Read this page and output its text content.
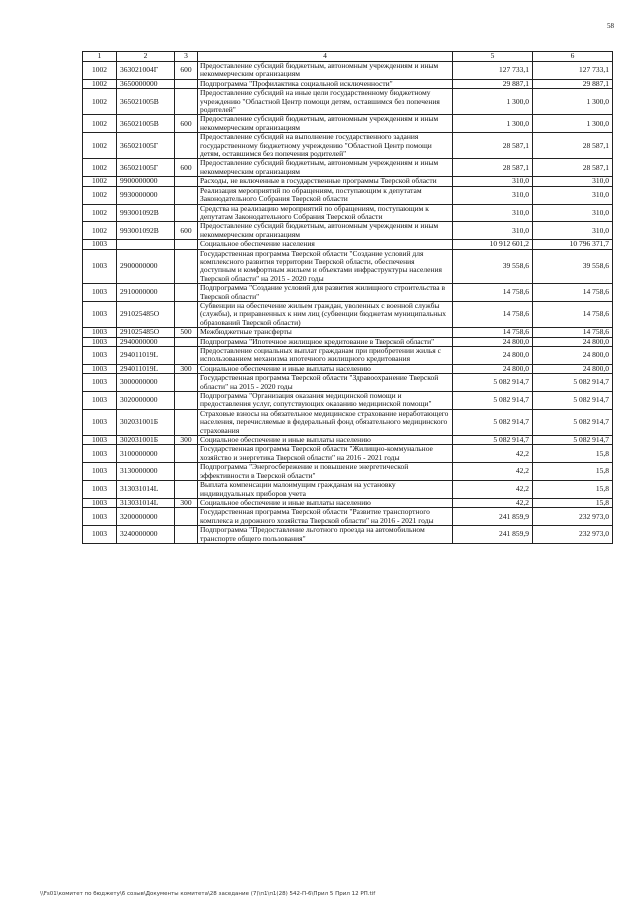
58
1	2	3	4	5	6
1002	363021004Г	600	Предоставление субсидий бюджетным, автономным учреждениям и иным некоммерческим организациям	127 733,1	127 733,1
1002	3650000000		Подпрограмма "Профилактика социальной исключенности"	29 887,1	29 887,1
1002	365021005В		Предоставление субсидий на иные цели государственному бюджетному учреждению "Областной Центр помощи детям, оставшимся без попечения родителей"	1 300,0	1 300,0
1002	365021005В	600	Предоставление субсидий бюджетным, автономным учреждениям и иным некоммерческим организациям	1 300,0	1 300,0
1002	365021005Г		Предоставление субсидий на выполнение государственного задания государственному бюджетному учреждению "Областной Центр помощи детям, оставшимся без попечения родителей"	28 587,1	28 587,1
1002	365021005Г	600	Предоставление субсидий бюджетным, автономным учреждениям и иным некоммерческим организациям	28 587,1	28 587,1
1002	9900000000		Расходы, не включенные в государственные программы Тверской области	310,0	310,0
1002	9930000000		Реализация мероприятий по обращениям, поступающим к депутатам Законодательного Собрания Тверской области	310,0	310,0
1002	993001092В		Средства на реализацию мероприятий по обращениям, поступающим к депутатам Законодательного Собрания Тверской области	310,0	310,0
1002	993001092В	600	Предоставление субсидий бюджетным, автономным учреждениям и иным некоммерческим организациям	310,0	310,0
1003			Социальное обеспечение населения	10 912 601,2	10 796 371,7
1003	2900000000		Государственная программа Тверской области "Создание условий для комплексного развития территории Тверской области, обеспечения доступным и комфортным жильем и объектами инфраструктуры населения Тверской области" на 2015 - 2020 годы	39 558,6	39 558,6
1003	2910000000		Подпрограмма "Создание условий для развития жилищного строительства в Тверской области"	14 758,6	14 758,6
1003	291025485О		Субвенции на обеспечение жильем граждан, уволенных с военной службы (службы), и приравненных к ним лиц (субвенции бюджетам муниципальных образований Тверской области)	14 758,6	14 758,6
1003	291025485О	500	Межбюджетные трансферты	14 758,6	14 758,6
1003	2940000000		Подпрограмма "Ипотечное жилищное кредитование в Тверской области"	24 800,0	24 800,0
1003	294011019L		Предоставление социальных выплат гражданам при приобретении жилья с использованием механизма ипотечного жилищного кредитования	24 800,0	24 800,0
1003	294011019L	300	Социальное обеспечение и иные выплаты населению	24 800,0	24 800,0
1003	3000000000		Государственная программа Тверской области "Здравоохранение Тверской области" на 2015 - 2020 годы	5 082 914,7	5 082 914,7
1003	3020000000		Подпрограмма "Организация оказания медицинской помощи и предоставления услуг, сопутствующих оказанию медицинской помощи"	5 082 914,7	5 082 914,7
1003	302031001Б		Страховые взносы на обязательное медицинское страхование неработающего населения, перечисляемые в федеральный фонд обязательного медицинского страхования	5 082 914,7	5 082 914,7
1003	302031001Б	300	Социальное обеспечение и иные выплаты населению	5 082 914,7	5 082 914,7
1003	3100000000		Государственная программа Тверской области "Жилищно-коммунальное хозяйство и энергетика Тверской области" на 2016 - 2021 годы	42,2	15,8
1003	3130000000		Подпрограмма "Энергосбережение и повышение энергетической эффективности в Тверской области"	42,2	15,8
1003	313031014L		Выплата компенсации малоимущим гражданам на установку индивидуальных приборов учета	42,2	15,8
1003	313031014L	300	Социальное обеспечение и иные выплаты населению	42,2	15,8
1003	3200000000		Государственная программа Тверской области "Развитие транспортного комплекса и дорожного хозяйства Тверской области" на 2016 - 2021 годы	241 859,9	232 973,0
1003	3240000000		Подпрограмма "Предоставление льготного проезда на автомобильном транспорте общего пользования"	241 859,9	232 973,0
\\Fs01\комитет по бюджету\6 созыв\Документы комитета\28 заседание (7)\п1\п1(28) 542-П-6\Прил 5 Прил 12 РП.tif
